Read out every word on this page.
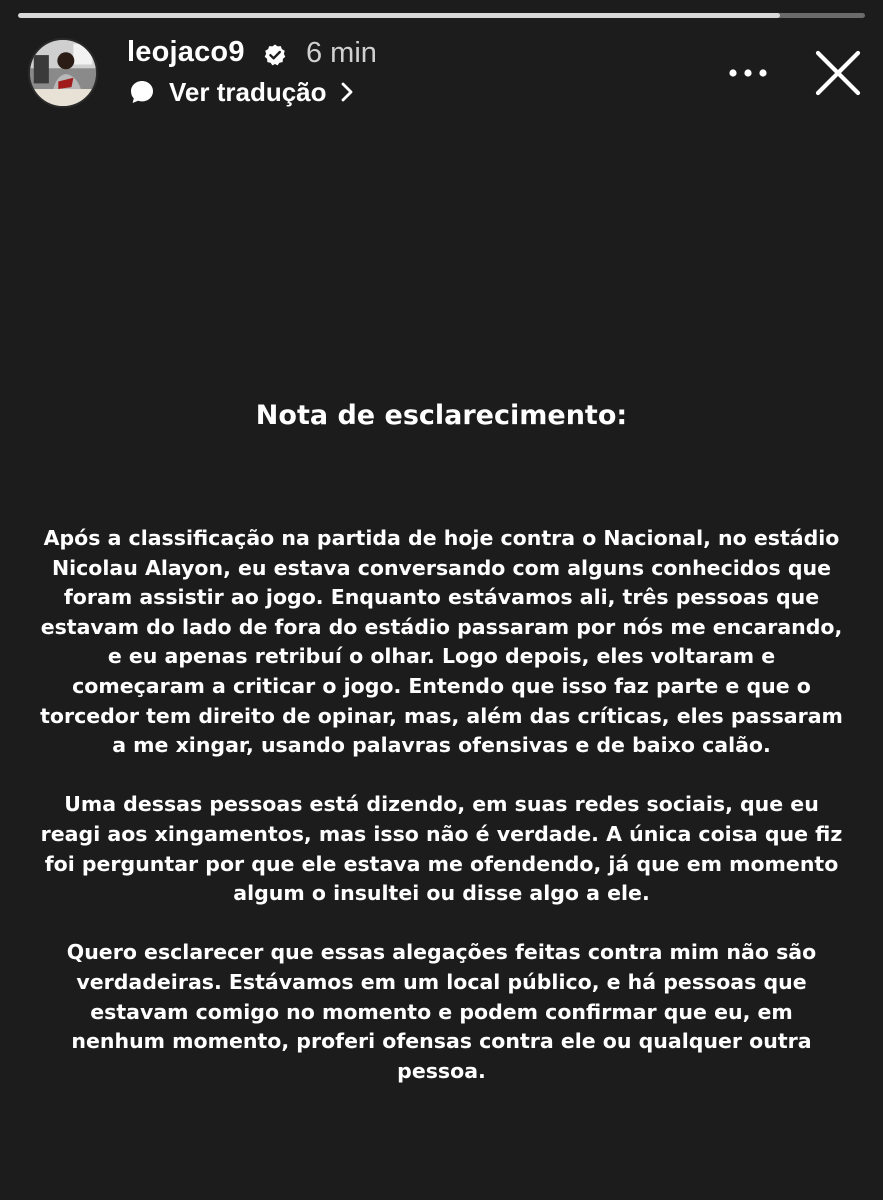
leojaco9 6 min
Ver tradução
Nota de esclarecimento:

Após a classificação na partida de hoje contra o Nacional, no estádio Nicolau Alayon, eu estava conversando com alguns conhecidos que foram assistir ao jogo. Enquanto estávamos ali, três pessoas que estavam do lado de fora do estádio passaram por nós me encarando, e eu apenas retribuí o olhar. Logo depois, eles voltaram e começaram a criticar o jogo. Entendo que isso faz parte e que o torcedor tem direito de opinar, mas, além das críticas, eles passaram a me xingar, usando palavras ofensivas e de baixo calão.

Uma dessas pessoas está dizendo, em suas redes sociais, que eu reagi aos xingamentos, mas isso não é verdade. A única coisa que fiz foi perguntar por que ele estava me ofendendo, já que em momento algum o insultei ou disse algo a ele.

Quero esclarecer que essas alegações feitas contra mim não são verdadeiras. Estávamos em um local público, e há pessoas que estavam comigo no momento e podem confirmar que eu, em nenhum momento, proferi ofensas contra ele ou qualquer outra pessoa.
